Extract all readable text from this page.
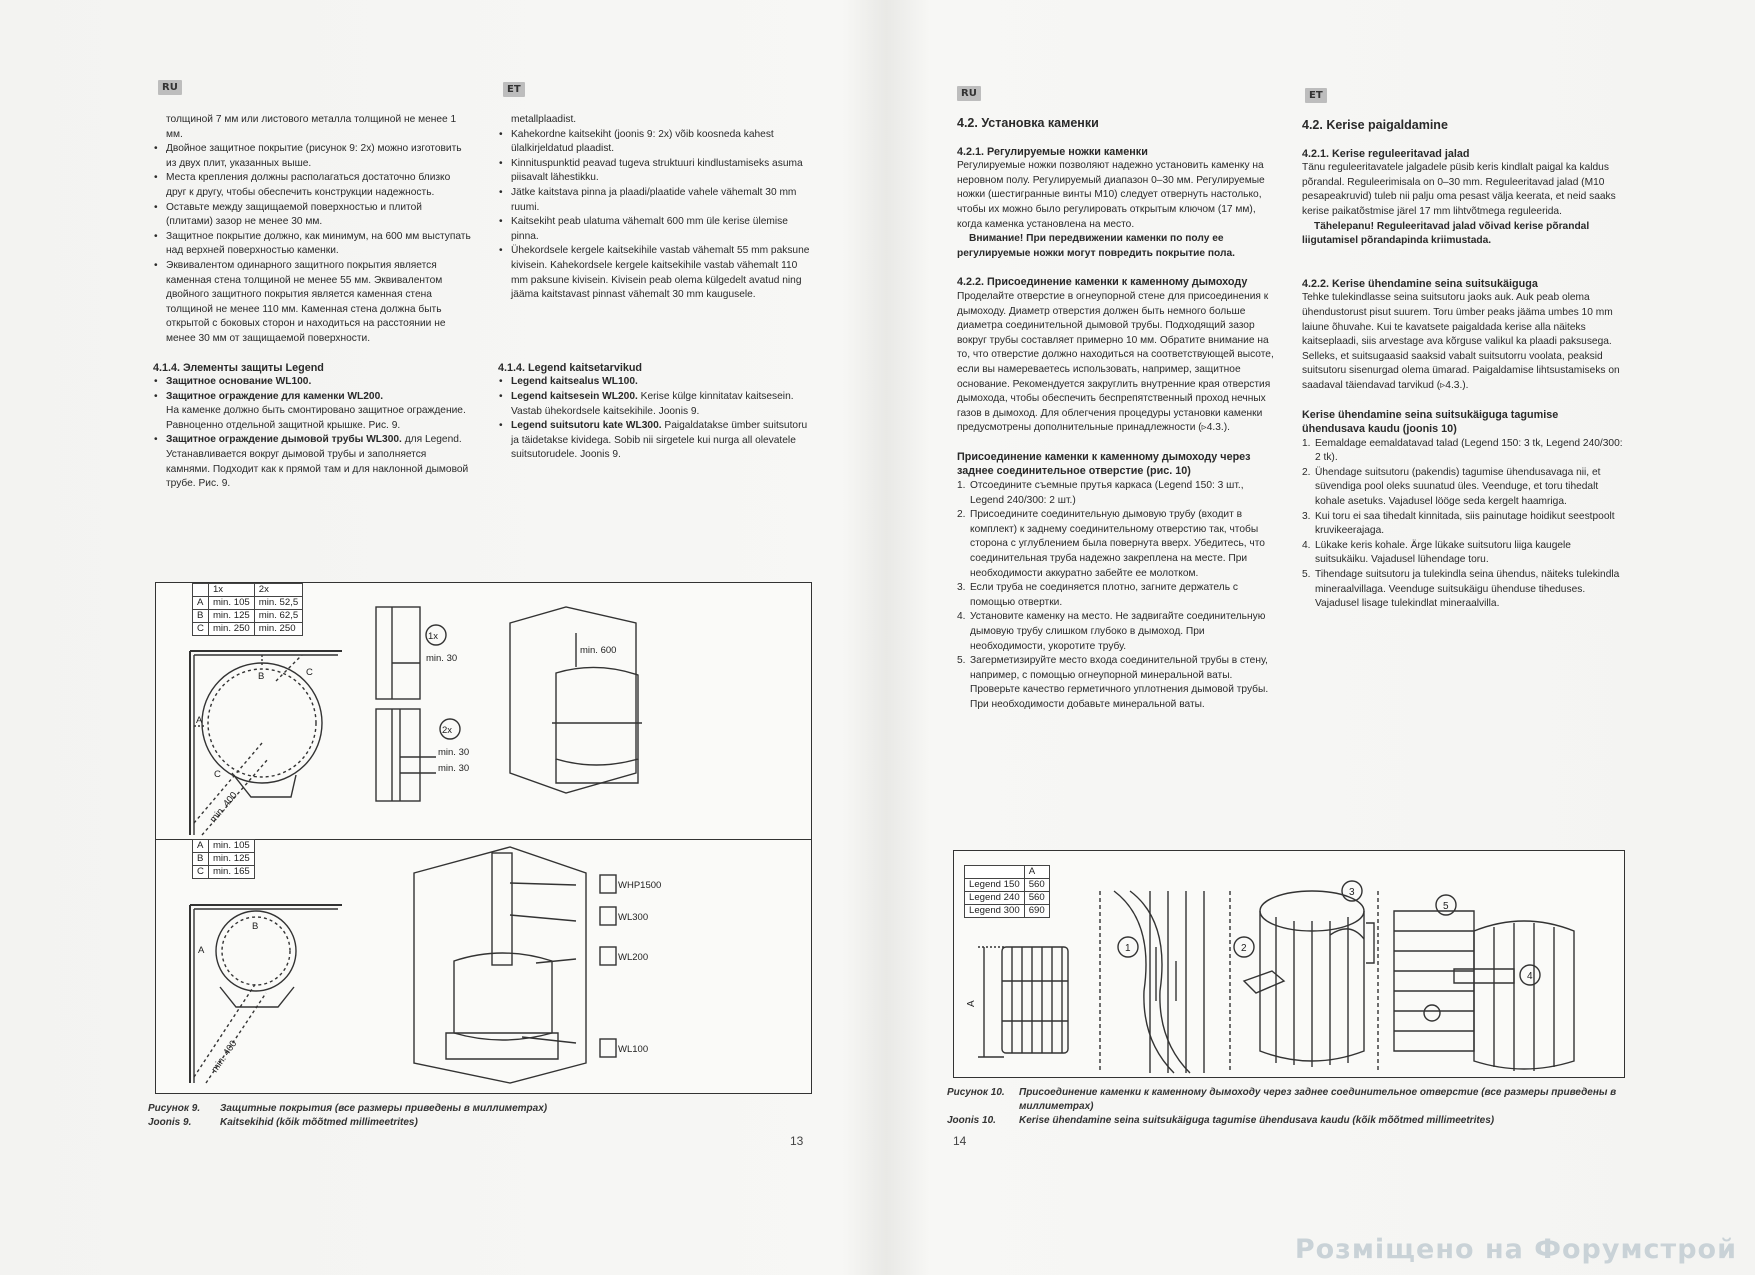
RU	ET
толщиной 7 мм или листового металла толщиной не менее 1 мм.
• Двойное защитное покрытие (рисунок 9: 2х) можно изготовить из двух плит, указанных выше.
• Места крепления должны располагаться достаточно близко друг к другу, чтобы обеспечить конструкции надежность.
• Оставьте между защищаемой поверхностью и плитой (плитами) зазор не менее 30 мм.
• Защитное покрытие должно, как минимум, на 600 мм выступать над верхней поверхностью каменки.
• Эквивалентом одинарного защитного покрытия является каменная стена толщиной не менее 55 мм. Эквивалентом двойного защитного покрытия является каменная стена толщиной не менее 110 мм. Каменная стена должна быть открытой с боковых сторон и находиться на расстоянии не менее 30 мм от защищаемой поверхности.
4.1.4. Элементы защиты Legend
• Защитное основание WL100.
• Защитное ограждение для каменки WL200.
На каменке должно быть смонтировано защитное ограждение. Равноценно отдельной защитной крышке. Рис. 9.
• Защитное ограждение дымовой трубы WL300. для Legend. Устанавливается вокруг дымовой трубы и заполняется камнями. Подходит как к прямой там и для наклонной дымовой трубе. Рис. 9.
metallplaadist.
• Kahekordne kaitsekiht (joonis 9: 2x) võib koosneda kahest ülalkirjeldatud plaadist.
• Kinnituspunktid peavad tugeva struktuuri kindlustamiseks asuma piisavalt lähestikku.
• Jätke kaitstava pinna ja plaadi/plaatide vahele vähemalt 30 mm ruumi.
• Kaitsekiht peab ulatuma vähemalt 600 mm üle kerise ülemise pinna.
• Ühekordsele kergele kaitsekihile vastab vähemalt 55 mm paksune kivisein. Kahekordsele kergele kaitsekihile vastab vähemalt 110 mm paksune kivisein. Kivisein peab olema külgedelt avatud ning jääma kaitstavast pinnast vähemalt 30 mm kaugusele.
4.1.4. Legend kaitsetarvikud
• Legend kaitsealus WL100.
• Legend kaitsesein WL200. Kerise külge kinnitatav kaitsesein. Vastab ühekordsele kaitsekihile. Joonis 9.
• Legend suitsutoru kate WL300. Paigaldatakse ümber suitsutoru ja täidetakse kividega. Sobib nii sirgetele kui nurga all olevatele suitsutorudele. Joonis 9.
	1x	2x
A	min. 105	min. 52,5
B	min. 125	min. 62,5
C	min. 250	min. 250
A	min. 105
B	min. 125
C	min. 165
B
A
C
C
min. 400
B
A
min. 400
1x
2x
min. 30
min. 30
min. 30
min. 600
WHP1500
WL300
WL200
WL100
Рисунок 9. Защитные покрытия (все размеры приведены в миллиметрах)
Joonis 9.	Kaitsekihid (kõik mõõtmed millimeetrites)
13
RU	ET
4.2. Установка каменки
4.2.1. Регулируемые ножки каменки

Регулируемые ножки позволяют надежно установить каменку на неровном полу. Регулируемый диапазон 0–30 мм. Регулируемые ножки (шестигранные винты M10) следует отвернуть настолько, чтобы их можно было регулировать открытым ключом (17 мм), когда каменка установлена на место.

Внимание! При передвижении каменки по полу ее регулируемые ножки могут повредить покрытие пола.

4.2.2. Присоединение каменки к каменному дымоходу

Проделайте отверстие в огнеупорной стене для присоединения к дымоходу. Диаметр отверстия должен быть немного больше диаметра соединительной дымовой трубы. Подходящий зазор вокруг трубы составляет примерно 10 мм. Обратите внимание на то, что отверстие должно находиться на соответствующей высоте, если вы намереваетесь использовать, например, защитное основание. Рекомендуется закруглить внутренние края отверстия дымохода, чтобы обеспечить беспрепятственный проход нечных газов в дымоход. Для облегчения процедуры установки каменки предусмотрены дополнительные принадлежности (▹4.3.).

Присоединение каменки к каменному дымоходу через заднее соединительное отверстие (рис. 10)
1. Отсоедините съемные прутья каркаса (Legend 150: 3 шт., Legend 240/300: 2 шт.)
2. Присоедините соединительную дымовую трубу (входит в комплект) к заднему соединительному отверстию так, чтобы сторона с углублением была повернута вверх. Убедитесь, что соединительная труба надежно закреплена на месте. При необходимости аккуратно забейте ее молотком.
3. Если труба не соединяется плотно, загните держатель с помощью отвертки.
4. Установите каменку на место. Не задвигайте соединительную дымовую трубу слишком глубоко в дымоход. При необходимости, укоротите трубу.
5. Загерметизируйте место входа соединительной трубы в стену, например, с помощью огнеупорной минеральной ваты. Проверьте качество герметичного уплотнения дымовой трубы. При необходимости добавьте минеральной ваты.
4.2. Kerise paigaldamine
4.2.1. Kerise reguleeritavad jalad

Tänu reguleeritavatele jalgadele püsib keris kindlalt paigal ka kaldus põrandal. Reguleerimisala on 0–30 mm. Reguleeritavad jalad (M10 pesapeakruvid) tuleb nii palju oma pesast välja keerata, et neid saaks kerise paikatõstmise järel 17 mm lihtvõtmega reguleerida.

Tähelepanu! Reguleeritavad jalad võivad kerise põrandal liigutamisel põrandapinda kriimustada.

4.2.2. Kerise ühendamine seina suitsukäiguga

Tehke tulekindlasse seina suitsutoru jaoks auk. Auk peab olema ühendustorust pisut suurem. Toru ümber peaks jääma umbes 10 mm laiune õhuvahe. Kui te kavatsete paigaldada kerise alla näiteks kaitseplaadi, siis arvestage ava kõrguse valikul ka plaadi paksusega. Selleks, et suitsugaasid saaksid vabalt suitsutorru voolata, peaksid suitsutoru sisenurgad olema ümarad. Paigaldamise lihtsustamiseks on saadaval täiendavad tarvikud (▹4.3.).

Kerise ühendamine seina suitsukäiguga tagumise ühendusava kaudu (joonis 10)
1. Eemaldage eemaldatavad talad (Legend 150: 3 tk, Legend 240/300: 2 tk).
2. Ühendage suitsutoru (pakendis) tagumise ühendusavaga nii, et süvendiga pool oleks suunatud üles. Veenduge, et toru tihedalt kohale asetuks. Vajadusel lööge seda kergelt haamriga.
3. Kui toru ei saa tihedalt kinnitada, siis painutage hoidikut seestpoolt kruvikeerajaga.
4. Lükake keris kohale. Ärge lükake suitsutoru liiga kaugele suitsukäiku. Vajadusel lühendage toru.
5. Tihendage suitsutoru ja tulekindla seina ühendus, näiteks tulekindla mineraalvillaga. Veenduge suitsukäigu ühenduse tiheduses. Vajadusel lisage tulekindlat mineraalvilla.
	A
Legend 150	560
Legend 240	560
Legend 300	690
A
1	2
3
4
5
Рисунок 10.	Присоединение каменки к каменному дымоходу через заднее соединительное отверстие (все размеры приведены в миллиметрах)
Joonis 10.	Kerise ühendamine seina suitsukäiguga tagumise ühendusava kaudu (kõik mõõtmed millimeetrites)
14
Розміщено на Форумстрой
